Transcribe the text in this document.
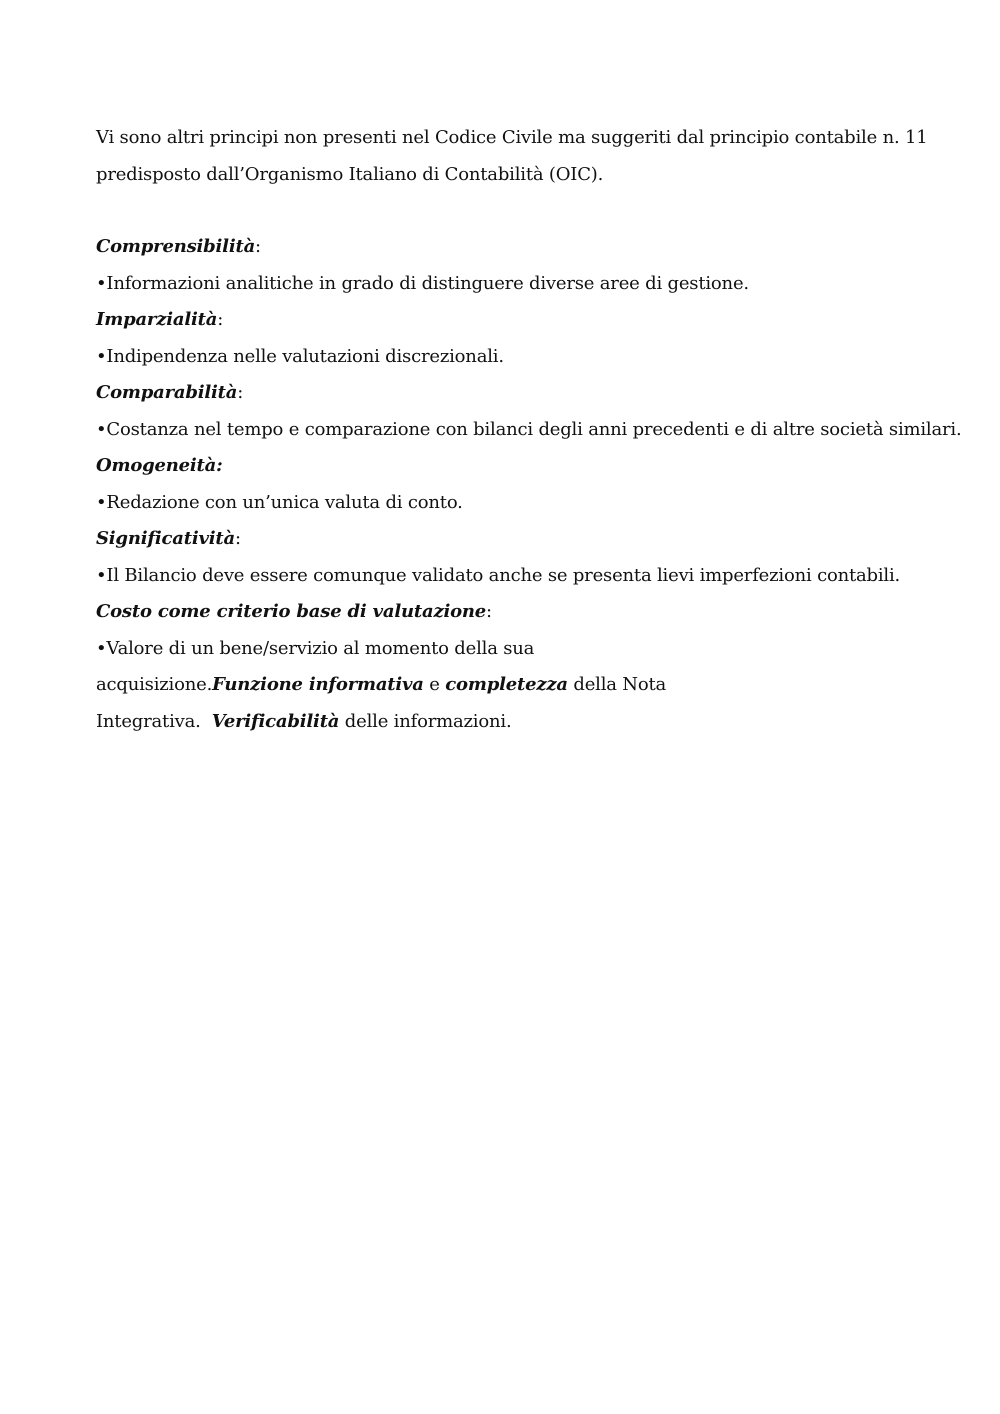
Vi sono altri principi non presenti nel Codice Civile ma suggeriti dal principio contabile n. 11
predisposto dall’Organismo Italiano di Contabilità (OIC).
Comprensibilità:
•Informazioni analitiche in grado di distinguere diverse aree di gestione.
Imparzialità:
•Indipendenza nelle valutazioni discrezionali.
Comparabilità:
•Costanza nel tempo e comparazione con bilanci degli anni precedenti e di altre società similari.
Omogeneità:
•Redazione con un’unica valuta di conto.
Significatività:
•Il Bilancio deve essere comunque validato anche se presenta lievi imperfezioni contabili.
Costo come criterio base di valutazione:
•Valore di un bene/servizio al momento della sua
acquisizione.Funzione informativa e completezza della Nota
Integrativa.  Verificabilità delle informazioni.
